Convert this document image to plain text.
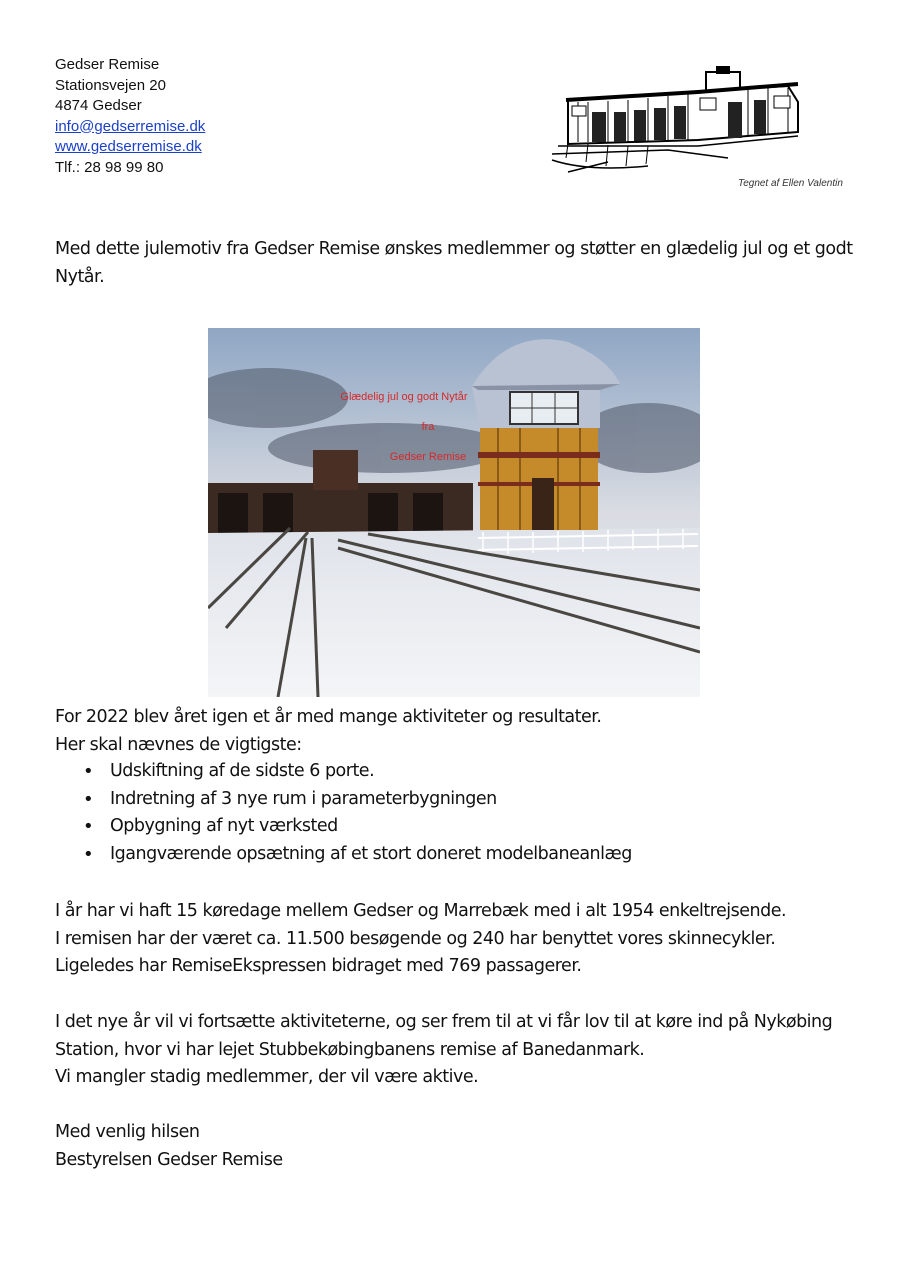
Gedser Remise
Stationsvejen 20
4874 Gedser
info@gedserremise.dk
www.gedserremise.dk
Tlf.: 28 98 99 80
Tegnet af Ellen Valentin
Med dette julemotiv fra Gedser Remise ønskes medlemmer og støtter en glædelig jul og et godt Nytår.
Glædelig jul og godt Nytår
fra
Gedser Remise
For 2022 blev året igen et år med mange aktiviteter og resultater.
Her skal nævnes de vigtigste:
• Udskiftning af de sidste 6 porte.
• Indretning af 3 nye rum i parameterbygningen
• Opbygning af nyt værksted
• Igangværende opsætning af et stort doneret modelbaneanlæg
I år har vi haft 15 køredage mellem Gedser og Marrebæk med i alt 1954 enkeltrejsende.
I remisen har der været ca. 11.500 besøgende og 240 har benyttet vores skinnecykler.
Ligeledes har RemiseEkspressen bidraget med 769 passagerer.
I det nye år vil vi fortsætte aktiviteterne, og ser frem til at vi får lov til at køre ind på Nykøbing
Station, hvor vi har lejet Stubbekøbingbanens remise af Banedanmark.
Vi mangler stadig medlemmer, der vil være aktive.
Med venlig hilsen
Bestyrelsen Gedser Remise
